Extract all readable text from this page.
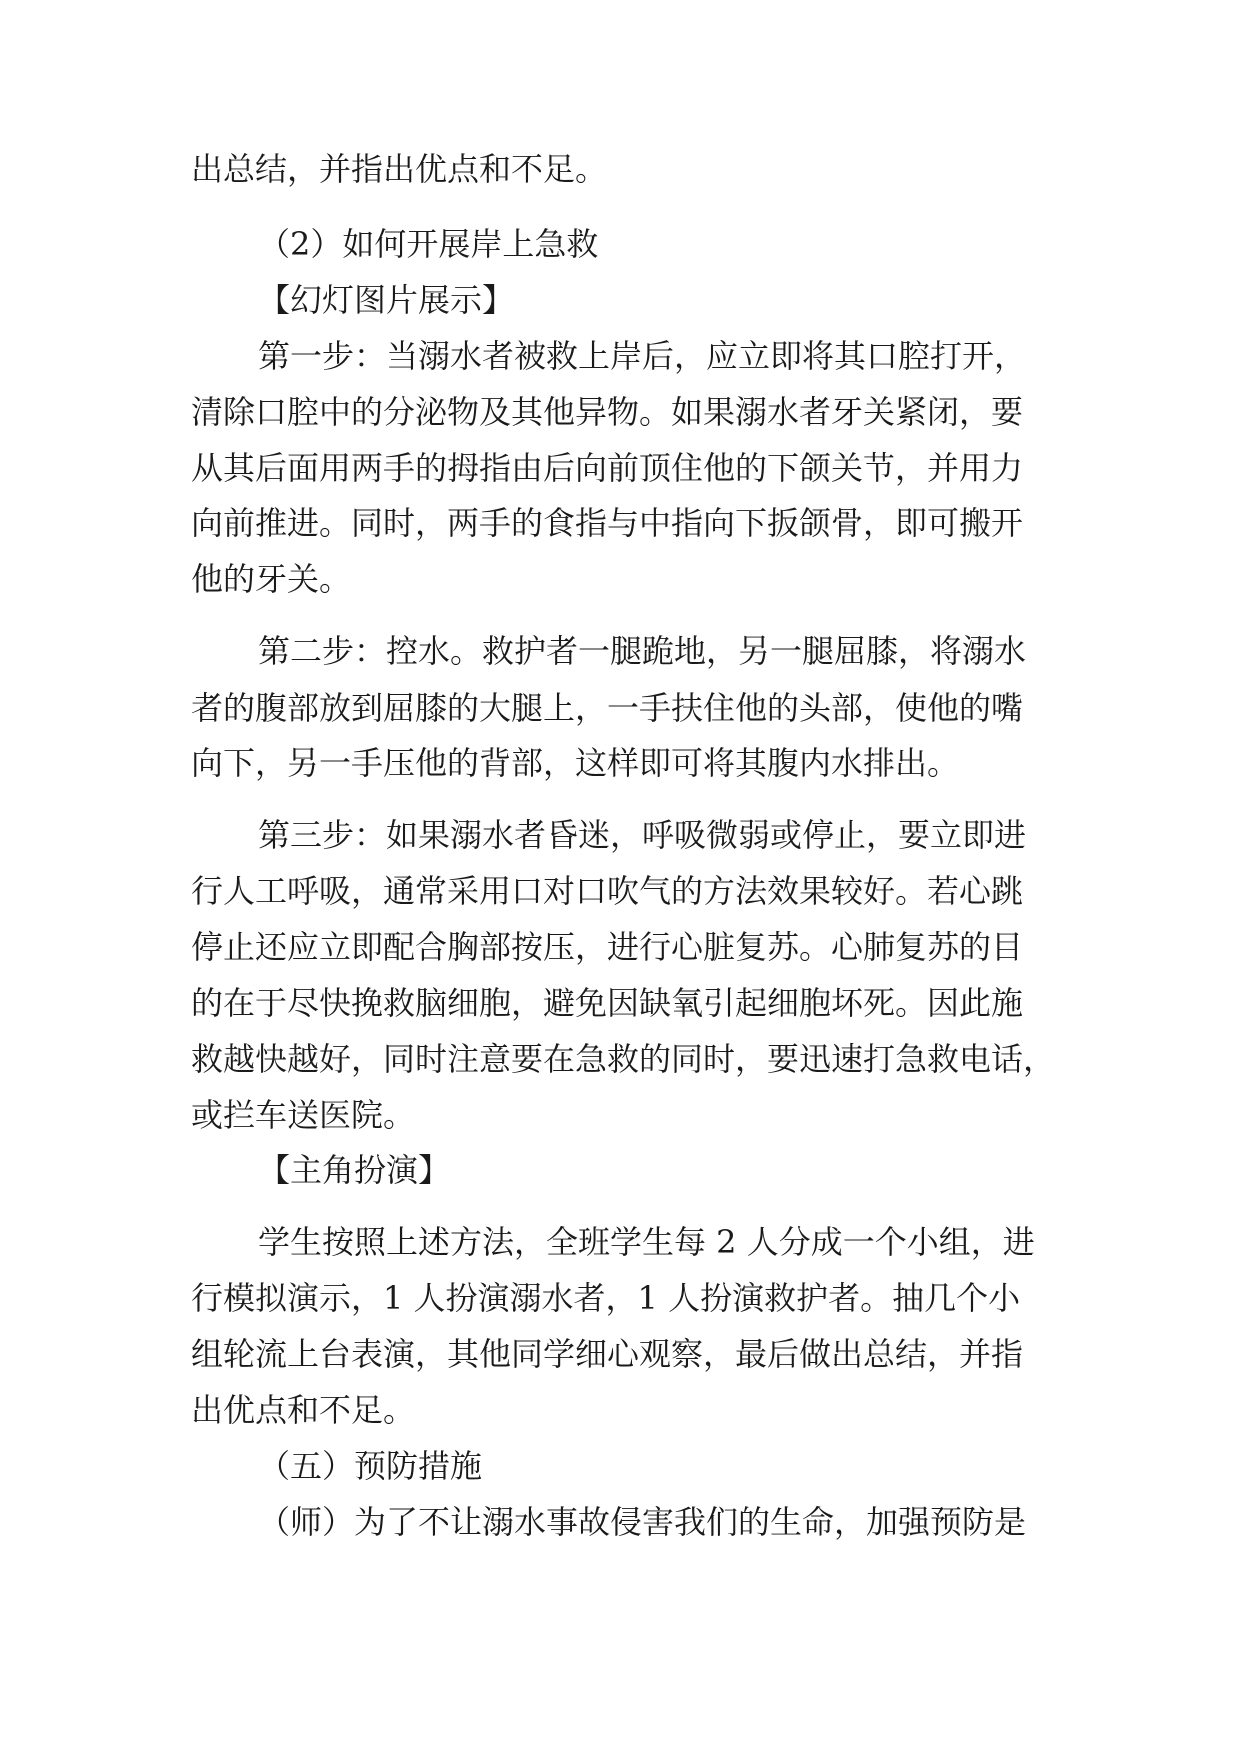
出总结，并指出优点和不足。
（2）如何开展岸上急救
【幻灯图片展示】
第一步：当溺水者被救上岸后，应立即将其口腔打开，
清除口腔中的分泌物及其他异物。如果溺水者牙关紧闭，要
从其后面用两手的拇指由后向前顶住他的下颌关节，并用力
向前推进。同时，两手的食指与中指向下扳颌骨，即可搬开
他的牙关。
第二步：控水。救护者一腿跪地，另一腿屈膝，将溺水
者的腹部放到屈膝的大腿上，一手扶住他的头部，使他的嘴
向下，另一手压他的背部，这样即可将其腹内水排出。
第三步：如果溺水者昏迷，呼吸微弱或停止，要立即进
行人工呼吸，通常采用口对口吹气的方法效果较好。若心跳
停止还应立即配合胸部按压，进行心脏复苏。心肺复苏的目
的在于尽快挽救脑细胞，避免因缺氧引起细胞坏死。因此施
救越快越好，同时注意要在急救的同时，要迅速打急救电话，
或拦车送医院。
【主角扮演】
学生按照上述方法，全班学生每 2 人分成一个小组，进
行模拟演示，1 人扮演溺水者，1 人扮演救护者。抽几个小
组轮流上台表演，其他同学细心观察，最后做出总结，并指
出优点和不足。
（五）预防措施
（师）为了不让溺水事故侵害我们的生命，加强预防是
